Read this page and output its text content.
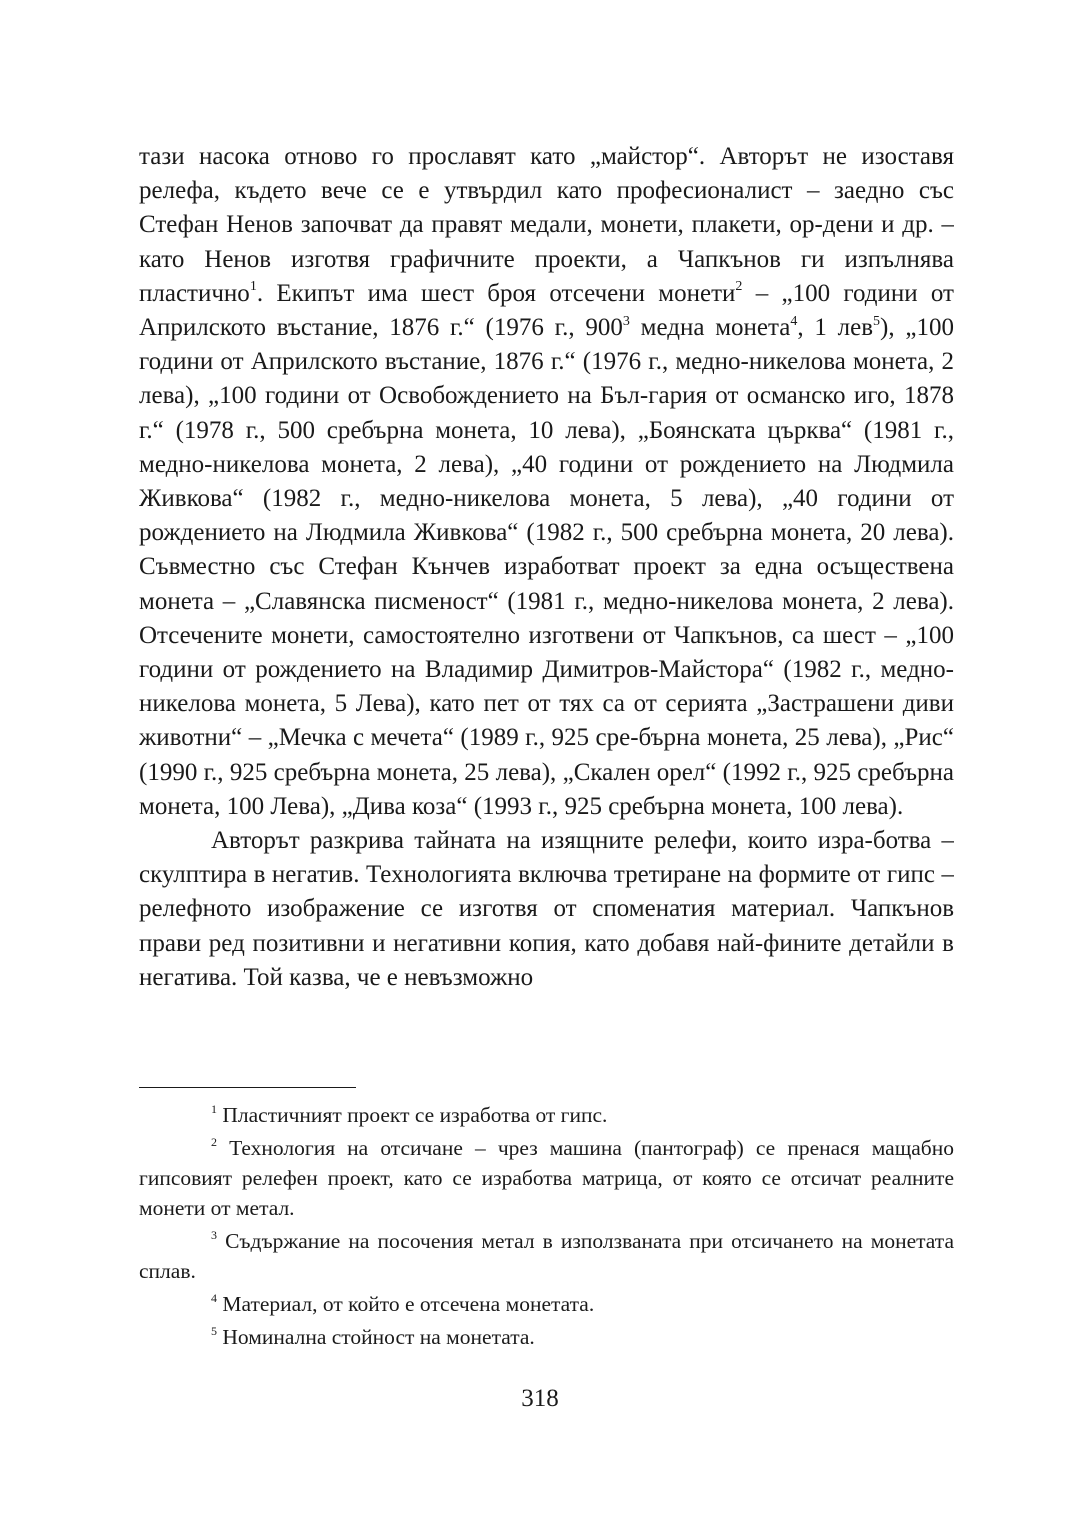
тази насока отново го прославят като „майстор“. Авторът не изоставя релефа, където вече се е утвърдил като професионалист – заедно със Стефан Ненов започват да правят медали, монети, плакети, ор-дени и др. – като Ненов изготвя графичните проекти, а Чапкънов ги изпълнява пластично$^1$. Екипът има шест броя отсечени монети$^2$ – „100 години от Априлското въстание, 1876 г.“ (1976 г., $900^3$ медна монета$^4$, 1 лев$^5$), „100 години от Априлското въстание, 1876 г.“ (1976 г., медно-никелова монета, 2 лева), „100 години от Освобождението на Бъл-гария от османско иго, 1878 г.“ (1978 г., 500 сребърна монета, 10 лева), „Боянската църква“ (1981 г., медно-никелова монета, 2 лева), „40 години от рождението на Людмила Живкова“ (1982 г., медно-никелова монета, 5 лева), „40 години от рождението на Людмила Живкова“ (1982 г., 500 сребърна монета, 20 лева). Съвместно със Стефан Кънчев изработват проект за една осъществена монета – „Славянска писменост“ (1981 г., медно-никелова монета, 2 лева). Отсечените монети, самостоятелно изготвени от Чапкънов, са шест – „100 години от рождението на Владимир Димитров-Майстора“ (1982 г., медно-никелова монета, 5 Лева), като пет от тях са от серията „Застрашени диви животни“ – „Мечка с мечета“ (1989 г., 925 сре-бърна монета, 25 лева), „Рис“ (1990 г., 925 сребърна монета, 25 лева), „Скален орел“ (1992 г., 925 сребърна монета, 100 Лева), „Дива коза“ (1993 г., 925 сребърна монета, 100 лева).

Авторът разкрива тайната на изящните релефи, които изра-ботва – скулптира в негатив. Технологията включва третиране на формите от гипс – релефното изображение се изготвя от споменатия материал. Чапкънов прави ред позитивни и негативни копия, като добавя най-фините детайли в негатива. Той казва, че е невъзможно

$^1$ Пластичният проект се изработва от гипс.

$^2$ Технология на отсичане – чрез машина (пантограф) се пренася мащабно гипсовият релефен проект, като се изработва матрица, от която се отсичат реалните монети от метал.

$^3$ Съдържание на посочения метал в използваната при отсичането на монетата сплав.

$^4$ Материал, от който е отсечена монетата.

$^5$ Номинална стойност на монетата.

318
